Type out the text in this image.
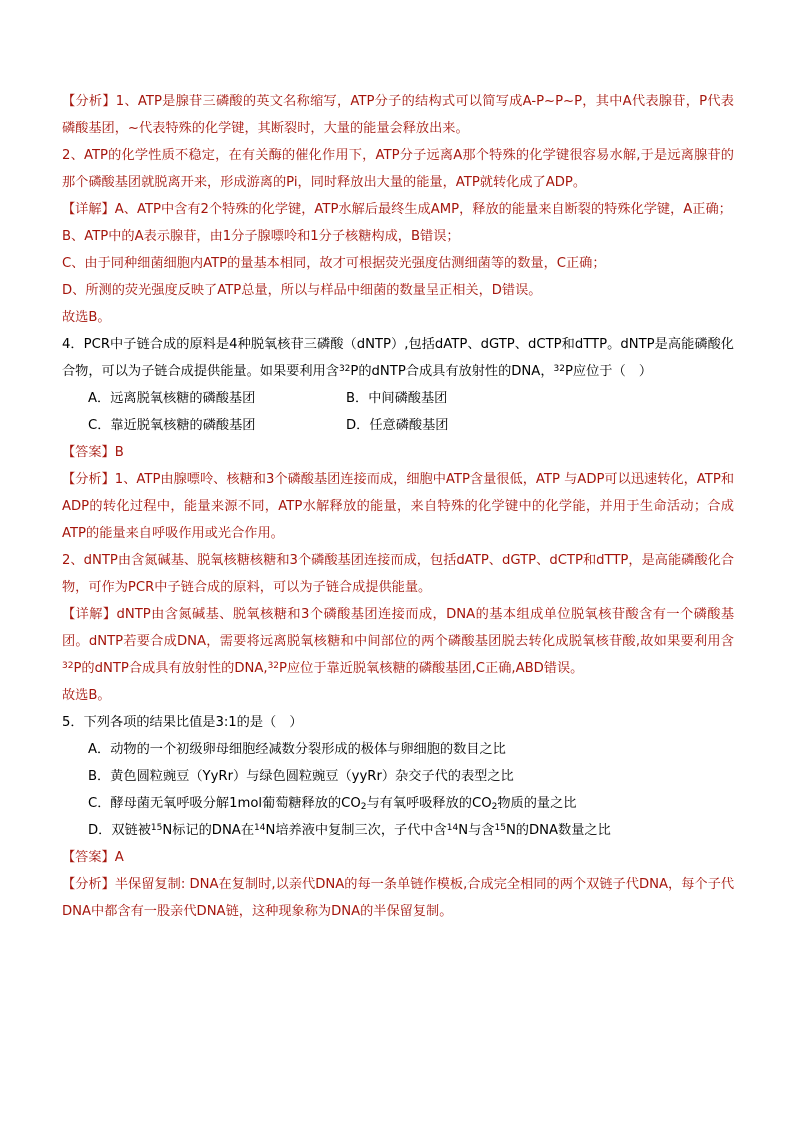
【分析】1、ATP是腺苷三磷酸的英文名称缩写，ATP分子的结构式可以简写成A-P~P~P，其中A代表腺苷，P代表磷酸基团，~代表特殊的化学键，其断裂时，大量的能量会释放出来。

2、ATP的化学性质不稳定，在有关酶的催化作用下，ATP分子远离A那个特殊的化学键很容易水解,于是远离腺苷的那个磷酸基团就脱离开来，形成游离的Pi，同时释放出大量的能量，ATP就转化成了ADP。

【详解】A、ATP中含有2个特殊的化学键，ATP水解后最终生成AMP，释放的能量来自断裂的特殊化学键，A正确；

B、ATP中的A表示腺苷，由1分子腺嘌呤和1分子核糖构成，B错误；

C、由于同种细菌细胞内ATP的量基本相同，故才可根据荧光强度估测细菌等的数量，C正确；

D、所测的荧光强度反映了ATP总量，所以与样品中细菌的数量呈正相关，D错误。

故选B。

4．PCR中子链合成的原料是4种脱氧核苷三磷酸（dNTP）,包括dATP、dGTP、dCTP和dTTP。dNTP是高能磷酸化合物，可以为子链合成提供能量。如果要利用含$^{32}$P的dNTP合成具有放射性的DNA，$^{32}$P应位于（　）

A．远离脱氧核糖的磷酸基团	B．中间磷酸基团
C．靠近脱氧核糖的磷酸基团	D．任意磷酸基团

【答案】B

【分析】1、ATP由腺嘌呤、核糖和3个磷酸基团连接而成，细胞中ATP含量很低，ATP 与ADP可以迅速转化，ATP和ADP的转化过程中，能量来源不同，ATP水解释放的能量，来自特殊的化学键中的化学能，并用于生命活动；合成ATP的能量来自呼吸作用或光合作用。

2、dNTP由含氮碱基、脱氧核糖核糖和3个磷酸基团连接而成，包括dATP、dGTP、dCTP和dTTP，是高能磷酸化合物，可作为PCR中子链合成的原料，可以为子链合成提供能量。

【详解】dNTP由含氮碱基、脱氧核糖和3个磷酸基团连接而成，DNA的基本组成单位脱氧核苷酸含有一个磷酸基团。dNTP若要合成DNA，需要将远离脱氧核糖和中间部位的两个磷酸基团脱去转化成脱氧核苷酸,故如果要利用含$^{32}$P的dNTP合成具有放射性的DNA,$^{32}$P应位于靠近脱氧核糖的磷酸基团,C正确,ABD错误。

故选B。

5．下列各项的结果比值是3:1的是（　）

A．动物的一个初级卵母细胞经减数分裂形成的极体与卵细胞的数目之比
B．黄色圆粒豌豆（YyRr）与绿色圆粒豌豆（yyRr）杂交子代的表型之比
C．酵母菌无氧呼吸分解1mol葡萄糖释放的$CO_2$与有氧呼吸释放的$CO_2$物质的量之比
D．双链被$^{15}$N标记的DNA在$^{14}$N培养液中复制三次，子代中含$^{14}$N与含$^{15}$N的DNA数量之比

【答案】A

【分析】半保留复制: DNA在复制时,以亲代DNA的每一条单链作模板,合成完全相同的两个双链子代DNA，每个子代DNA中都含有一股亲代DNA链，这种现象称为DNA的半保留复制。
